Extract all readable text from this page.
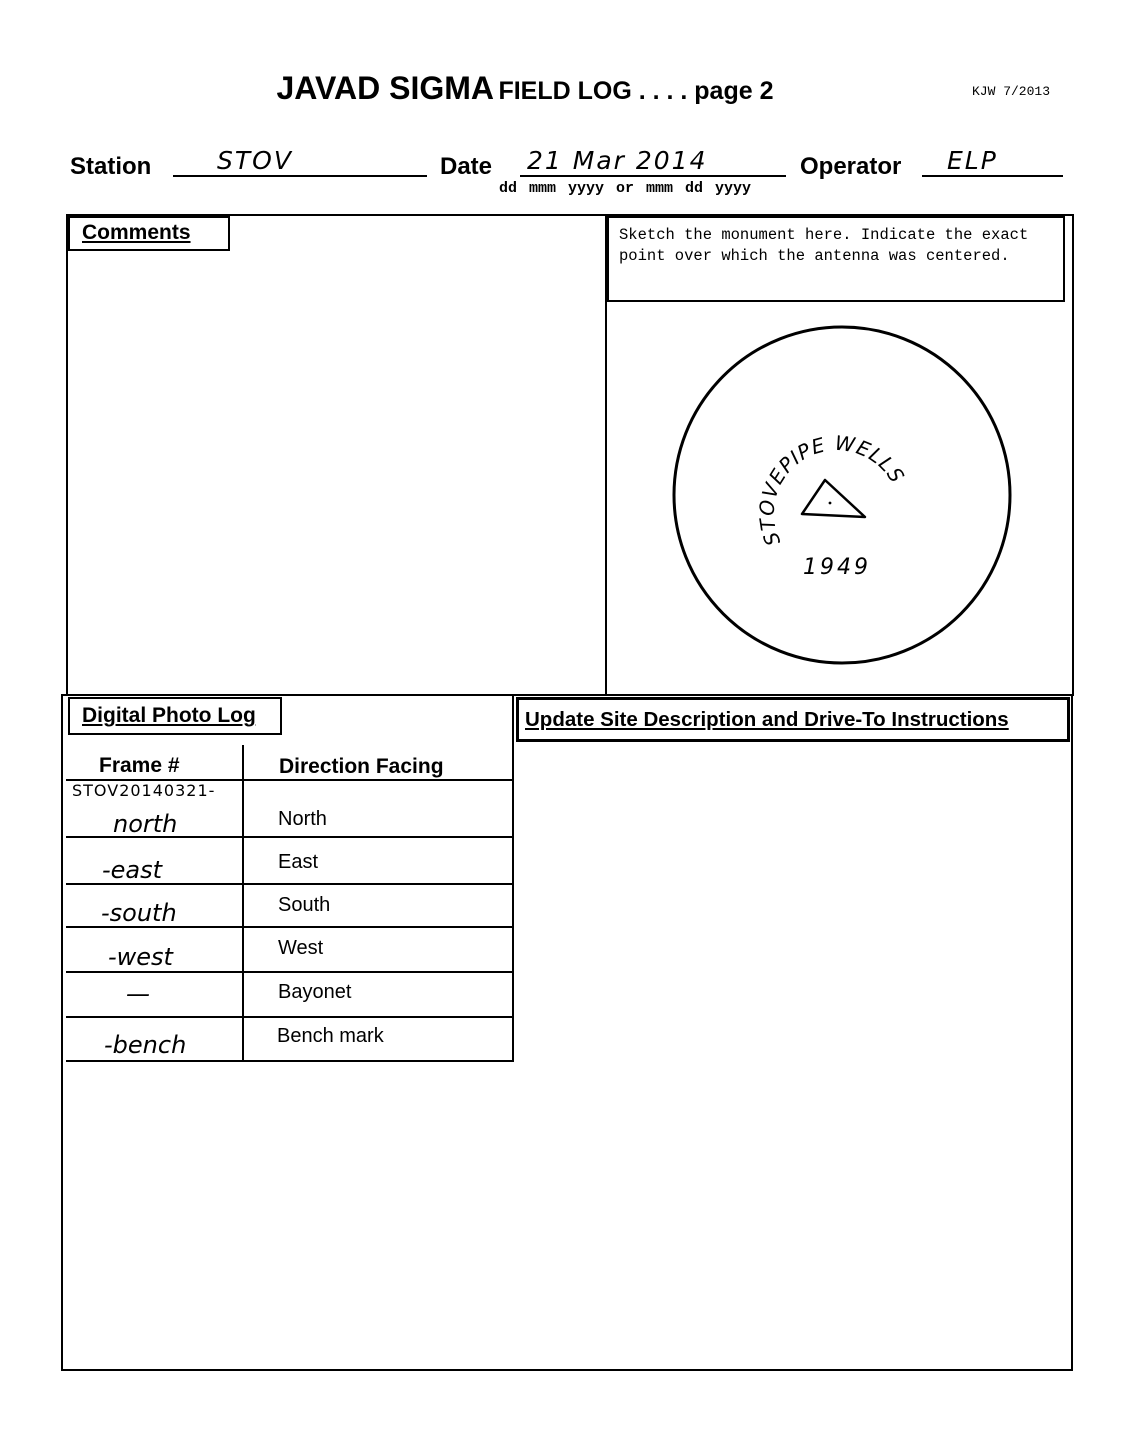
JAVAD SIGMA FIELD LOG . . . . page 2	KJW 7/2013
Station	STOV	Date 21 Mar 2014
dd mmm yyyy or mmm dd yyyy
Operator ELP
Comments	Sketch the monument here. Indicate the exact point over which the antenna was centered.
STOVEPIPE WELLS
1949
Digital Photo Log
Frame #	Direction Facing
STOV20140321-
north	North
-east	East
-south	South
-west	West
—	Bayonet
-bench	Bench mark
Update Site Description and Drive-To Instructions
